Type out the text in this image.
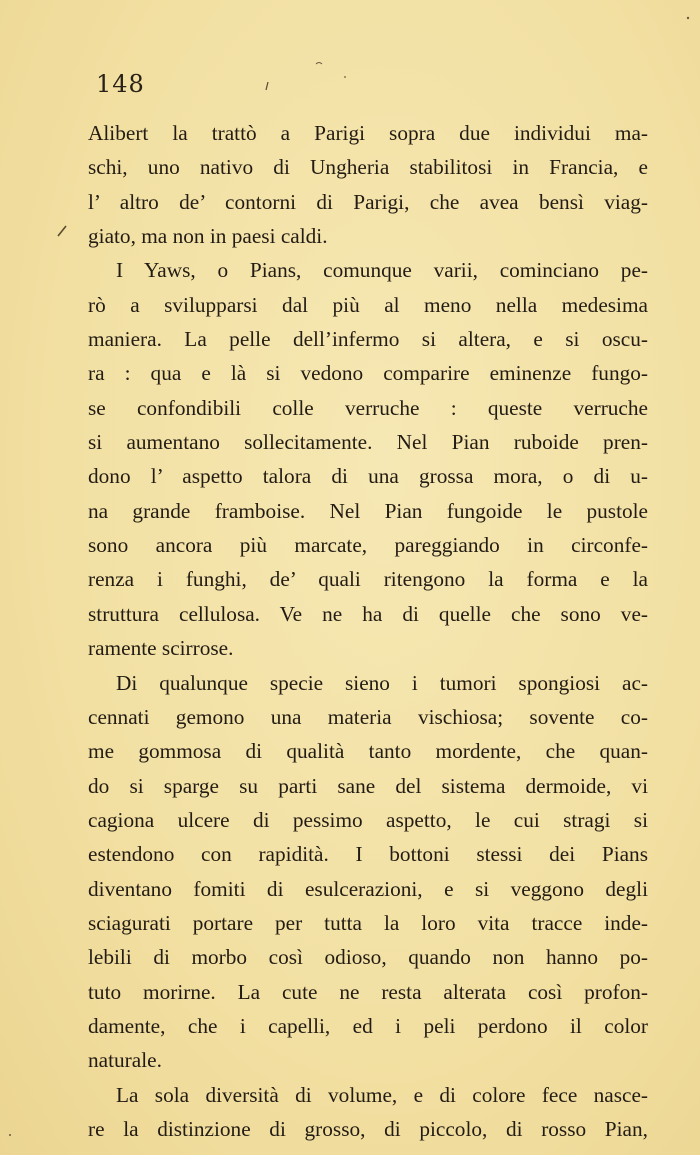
148
Alibert la trattò a Parigi sopra due individui ma-
schi, uno nativo di Ungheria stabilitosi in Francia, e
l’ altro de’ contorni di Parigi, che avea bensì viag-
giato, ma non in paesi caldi.
I Yaws, o Pians, comunque varii, cominciano pe-
rò a svilupparsi dal più al meno nella medesima
maniera. La pelle dell’infermo si altera, e si oscu-
ra : qua e là si vedono comparire eminenze fungo-
se confondibili colle verruche : queste verruche
si aumentano sollecitamente. Nel Pian ruboide pren-
dono l’ aspetto talora di una grossa mora, o di u-
na grande framboise. Nel Pian fungoide le pustole
sono ancora più marcate, pareggiando in circonfe-
renza i funghi, de’ quali ritengono la forma e la
struttura cellulosa. Ve ne ha di quelle che sono ve-
ramente scirrose.
Di qualunque specie sieno i tumori spongiosi ac-
cennati gemono una materia vischiosa; sovente co-
me gommosa di qualità tanto mordente, che quan-
do si sparge su parti sane del sistema dermoide, vi
cagiona ulcere di pessimo aspetto, le cui stragi si
estendono con rapidità. I bottoni stessi dei Pians
diventano fomiti di esulcerazioni, e si veggono degli
sciagurati portare per tutta la loro vita tracce inde-
lebili di morbo così odioso, quando non hanno po-
tuto morirne. La cute ne resta alterata così profon-
damente, che i capelli, ed i peli perdono il color
naturale.
La sola diversità di volume, e di colore fece nasce-
re la distinzione di grosso, di piccolo, di rosso Pian,
